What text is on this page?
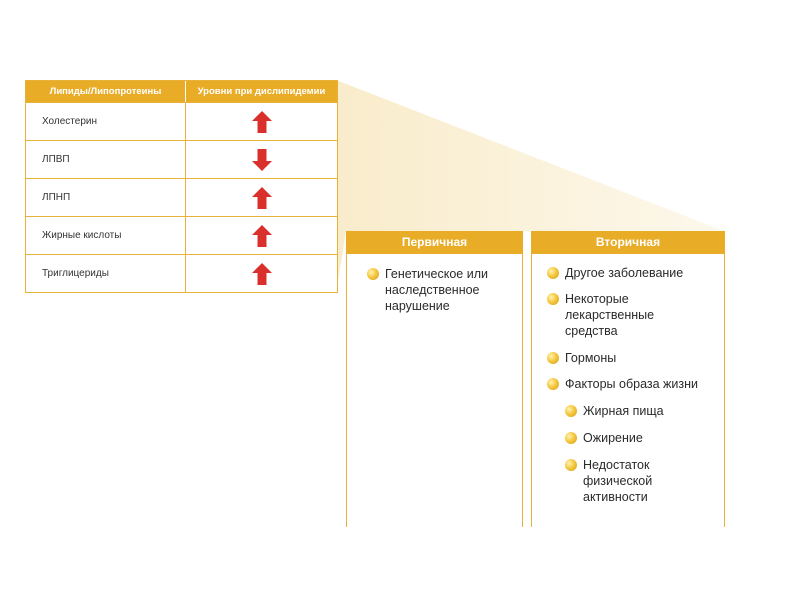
Липиды/Липопротеины	Уровни при дислипидемии
Холестерин
ЛПВП
ЛПНП
Жирные кислоты
Триглицериды
Первичная
Генетическое или наследственное нарушение
Вторичная
Другое заболевание
Некоторые лекарственные средства
Гормоны
Факторы образа жизни
Жирная пища
Ожирение
Недостаток физической активности
